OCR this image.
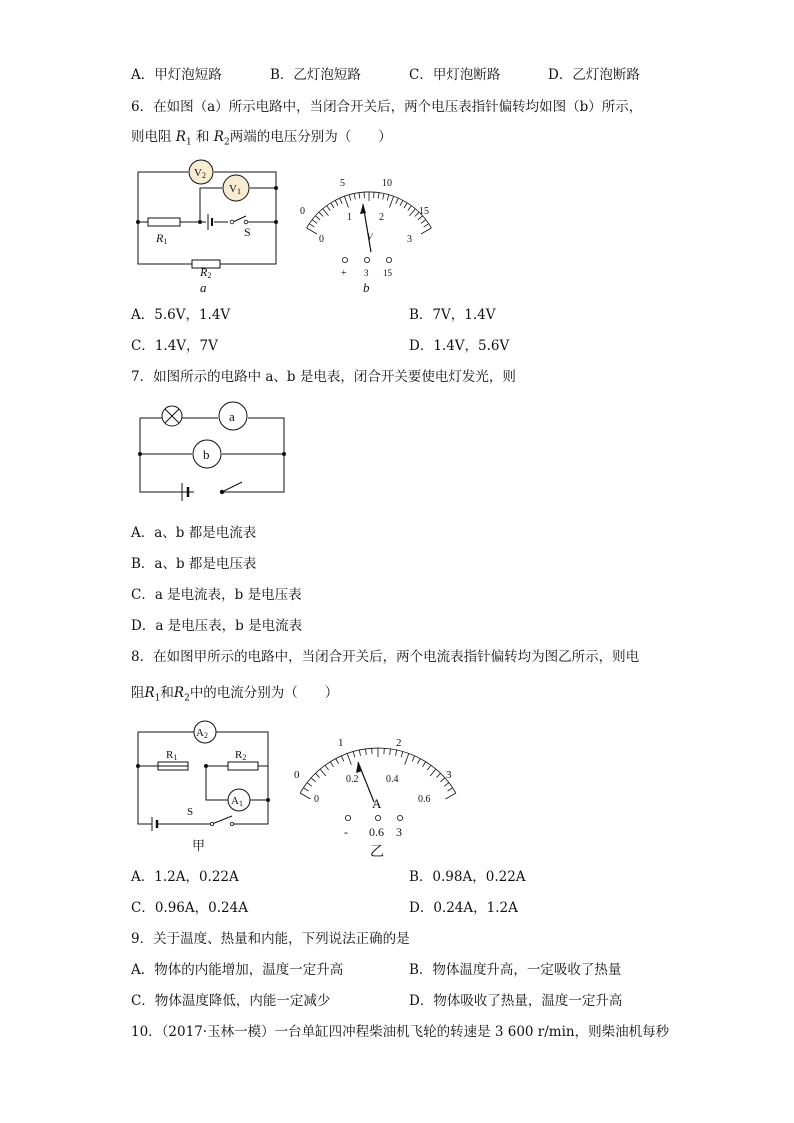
A．甲灯泡短路	B．乙灯泡短路	C．甲灯泡断路	D．乙灯泡断路
6．在如图（a）所示电路中，当闭合开关后，两个电压表指针偏转均如图（b）所示，
则电阻 $R_1$ 和 $R_2$两端的电压分别为（　　）
V2
V1
S
R1
R2
a
0
5	10
15
0
1	2
3
V
+ 3 15
b
A．5.6V，1.4V	B．7V，1.4V
C．1.4V，7V	D．1.4V，5.6V
7．如图所示的电路中 a、b 是电表，闭合开关要使电灯发光，则
a
b
A．a、b 都是电流表
B．a、b 都是电压表
C．a 是电流表，b 是电压表
D．a 是电压表，b 是电流表
8．在如图甲所示的电路中，当闭合开关后，两个电流表指针偏转均为图乙所示，则电
阻$R_1$和$R_2$中的电流分别为（　　）
A2
A1
R1	R2
S
甲
0
1	2
3
0
0.2	0.4
0.6
A
- 0.6 3
乙
A．1.2A，0.22A	B．0.98A，0.22A
C．0.96A，0.24A	D．0.24A，1.2A
9．关于温度、热量和内能，下列说法正确的是
A．物体的内能增加，温度一定升高	B．物体温度升高，一定吸收了热量
C．物体温度降低，内能一定减少	D．物体吸收了热量，温度一定升高
10．（2017·玉林一模）一台单缸四冲程柴油机飞轮的转速是 3 600 r/min，则柴油机每秒
